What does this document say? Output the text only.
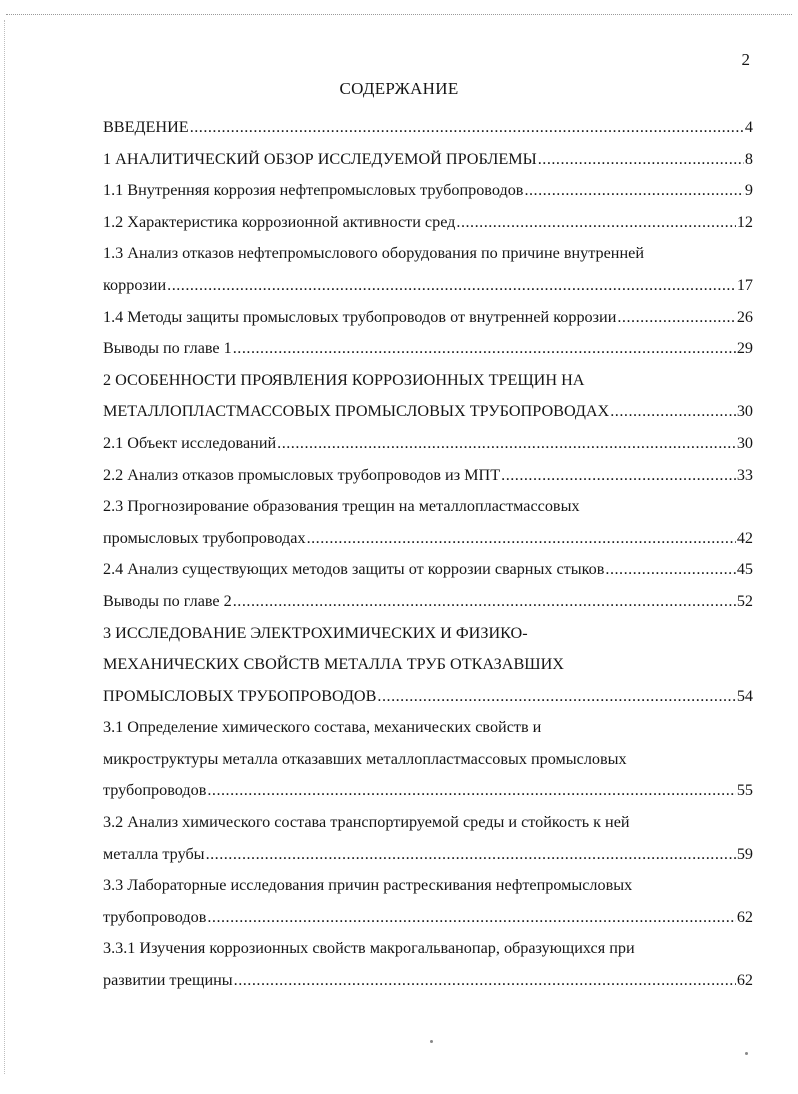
2
СОДЕРЖАНИЕ
ВВЕДЕНИЕ .....	4
1 АНАЛИТИЧЕСКИЙ ОБЗОР ИССЛЕДУЕМОЙ ПРОБЛЕМЫ .....	8
1.1 Внутренняя коррозия нефтепромысловых трубопроводов .....	9
1.2 Характеристика коррозионной активности сред .....	12
1.3 Анализ отказов нефтепромыслового оборудования по причине внутренней
коррозии .....	17
1.4 Методы защиты промысловых трубопроводов от внутренней коррозии .....	26
Выводы по главе 1 .....	29
2 ОСОБЕННОСТИ ПРОЯВЛЕНИЯ КОРРОЗИОННЫХ ТРЕЩИН НА
МЕТАЛЛОПЛАСТМАССОВЫХ ПРОМЫСЛОВЫХ ТРУБОПРОВОДАХ .....	30
2.1 Объект исследований .....	30
2.2 Анализ отказов промысловых трубопроводов из МПТ .....	33
2.3 Прогнозирование образования трещин на металлопластмассовых
промысловых трубопроводах .....	42
2.4 Анализ существующих методов защиты от коррозии сварных стыков .....	45
Выводы по главе 2 .....	52
3 ИССЛЕДОВАНИЕ ЭЛЕКТРОХИМИЧЕСКИХ И ФИЗИКО-
МЕХАНИЧЕСКИХ СВОЙСТВ МЕТАЛЛА ТРУБ ОТКАЗАВШИХ
ПРОМЫСЛОВЫХ ТРУБОПРОВОДОВ .....	54
3.1 Определение химического состава, механических свойств и
микроструктуры металла отказавших металлопластмассовых промысловых
трубопроводов .....	55
3.2 Анализ химического состава транспортируемой среды и стойкость к ней
металла трубы .....	59
3.3 Лабораторные исследования причин растрескивания нефтепромысловых
трубопроводов .....	62
3.3.1 Изучения коррозионных свойств макрогальванопар, образующихся при
развитии трещины .....	62
